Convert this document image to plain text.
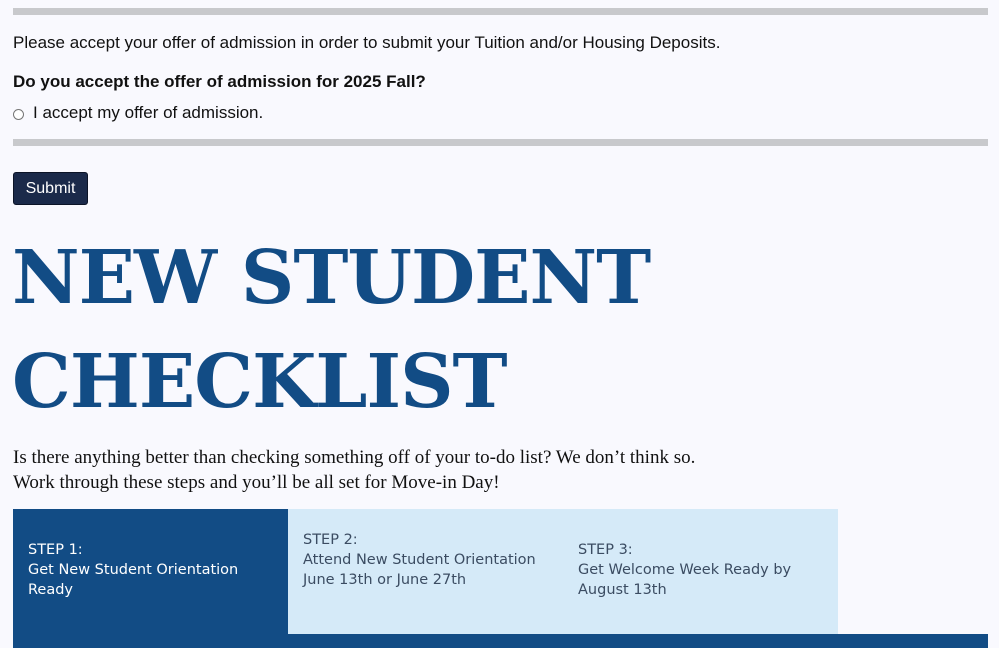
Please accept your offer of admission in order to submit your Tuition and/or Housing Deposits.
Do you accept the offer of admission for 2025 Fall?
I accept my offer of admission.
Submit
NEW STUDENT
CHECKLIST
Is there anything better than checking something off of your to-do list? We don’t think so.
Work through these steps and you’ll be all set for Move-in Day!
STEP 1:
Get New Student Orientation Ready
STEP 2:
Attend New Student Orientation June 13th or June 27th
STEP 3:
Get Welcome Week Ready by August 13th
